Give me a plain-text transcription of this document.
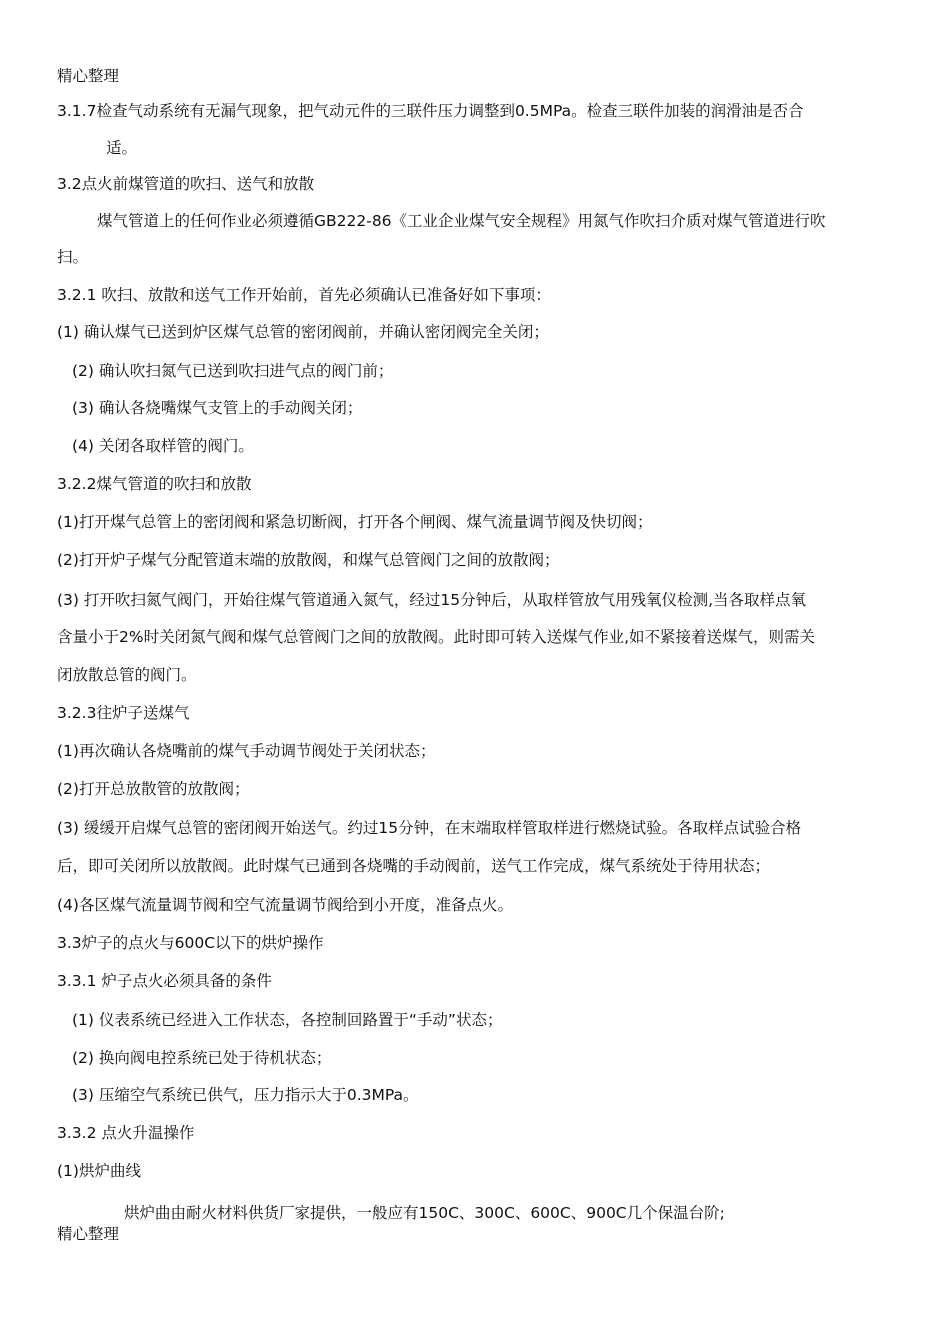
精心整理
3.1.7检查气动系统有无漏气现象，把气动元件的三联件压力调整到0.5MPa。检查三联件加装的润滑油是否合
适。
3.2点火前煤管道的吹扫、送气和放散
煤气管道上的任何作业必须遵循GB222-86《工业企业煤气安全规程》用氮气作吹扫介质对煤气管道进行吹
扫。
3.2.1 吹扫、放散和送气工作开始前，首先必须确认已准备好如下事项：
(1) 确认煤气已送到炉区煤气总管的密闭阀前，并确认密闭阀完全关闭；
(2) 确认吹扫氮气已送到吹扫进气点的阀门前；
(3) 确认各烧嘴煤气支管上的手动阀关闭；
(4) 关闭各取样管的阀门。
3.2.2煤气管道的吹扫和放散
(1)打开煤气总管上的密闭阀和紧急切断阀，打开各个闸阀、煤气流量调节阀及快切阀；
(2)打开炉子煤气分配管道末端的放散阀，和煤气总管阀门之间的放散阀；
(3) 打开吹扫氮气阀门，开始往煤气管道通入氮气，经过15分钟后，从取样管放气用残氧仪检测,当各取样点氧
含量小于2%时关闭氮气阀和煤气总管阀门之间的放散阀。此时即可转入送煤气作业,如不紧接着送煤气，则需关
闭放散总管的阀门。
3.2.3往炉子送煤气
(1)再次确认各烧嘴前的煤气手动调节阀处于关闭状态；
(2)打开总放散管的放散阀；
(3) 缓缓开启煤气总管的密闭阀开始送气。约过15分钟，在末端取样管取样进行燃烧试验。各取样点试验合格
后，即可关闭所以放散阀。此时煤气已通到各烧嘴的手动阀前，送气工作完成，煤气系统处于待用状态；
(4)各区煤气流量调节阀和空气流量调节阀给到小开度，准备点火。
3.3炉子的点火与600C以下的烘炉操作
3.3.1 炉子点火必须具备的条件
(1) 仪表系统已经进入工作状态，各控制回路置于“手动”状态；
(2) 换向阀电控系统已处于待机状态；
(3) 压缩空气系统已供气，压力指示大于0.3MPa。
3.3.2 点火升温操作
(1)烘炉曲线
烘炉曲由耐火材料供货厂家提供，一般应有150C、300C、600C、900C几个保温台阶;
精心整理
